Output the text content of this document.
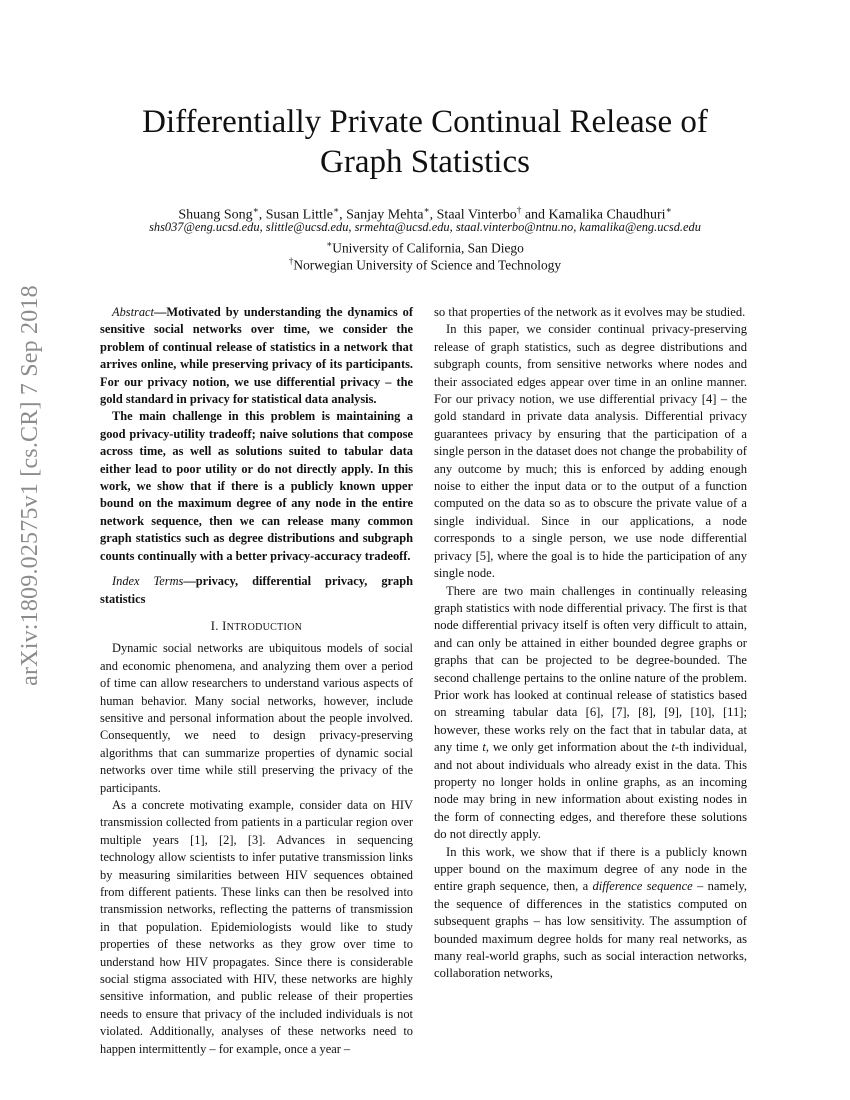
arXiv:1809.02575v1 [cs.CR] 7 Sep 2018
Differentially Private Continual Release of
Graph Statistics
Shuang Song∗, Susan Little∗, Sanjay Mehta∗, Staal Vinterbo† and Kamalika Chaudhuri∗
shs037@eng.ucsd.edu, slittle@ucsd.edu, srmehta@ucsd.edu, staal.vinterbo@ntnu.no, kamalika@eng.ucsd.edu
∗University of California, San Diego
†Norwegian University of Science and Technology

Abstract—Motivated by understanding the dynamics of sensitive social networks over time, we consider the problem of continual release of statistics in a network that arrives online, while preserving privacy of its participants. For our privacy notion, we use differential privacy – the gold standard in privacy for statistical data analysis.

The main challenge in this problem is maintaining a good privacy-utility tradeoff; naive solutions that compose across time, as well as solutions suited to tabular data either lead to poor utility or do not directly apply. In this work, we show that if there is a publicly known upper bound on the maximum degree of any node in the entire network sequence, then we can release many common graph statistics such as degree distributions and subgraph counts continually with a better privacy-accuracy tradeoff.

Index Terms—privacy, differential privacy, graph statistics

I. INTRODUCTION

Dynamic social networks are ubiquitous models of social and economic phenomena, and analyzing them over a period of time can allow researchers to understand various aspects of human behavior. Many social networks, however, include sensitive and personal information about the people involved. Consequently, we need to design privacy-preserving algorithms that can summarize properties of dynamic social networks over time while still preserving the privacy of the participants.

As a concrete motivating example, consider data on HIV transmission collected from patients in a particular region over multiple years [1], [2], [3]. Advances in sequencing technology allow scientists to infer putative transmission links by measuring similarities between HIV sequences obtained from different patients. These links can then be resolved into transmission networks, reflecting the patterns of transmission in that population. Epidemiologists would like to study properties of these networks as they grow over time to understand how HIV propagates. Since there is considerable social stigma associated with HIV, these networks are highly sensitive information, and public release of their properties needs to ensure that privacy of the included individuals is not violated. Additionally, analyses of these networks need to happen intermittently – for example, once a year –

so that properties of the network as it evolves may be studied.

In this paper, we consider continual privacy-preserving release of graph statistics, such as degree distributions and subgraph counts, from sensitive networks where nodes and their associated edges appear over time in an online manner. For our privacy notion, we use differential privacy [4] – the gold standard in private data analysis. Differential privacy guarantees privacy by ensuring that the participation of a single person in the dataset does not change the probability of any outcome by much; this is enforced by adding enough noise to either the input data or to the output of a function computed on the data so as to obscure the private value of a single individual. Since in our applications, a node corresponds to a single person, we use node differential privacy [5], where the goal is to hide the participation of any single node.

There are two main challenges in continually releasing graph statistics with node differential privacy. The first is that node differential privacy itself is often very difficult to attain, and can only be attained in either bounded degree graphs or graphs that can be projected to be degree-bounded. The second challenge pertains to the online nature of the problem. Prior work has looked at continual release of statistics based on streaming tabular data [6], [7], [8], [9], [10], [11]; however, these works rely on the fact that in tabular data, at any time t, we only get information about the t-th individual, and not about individuals who already exist in the data. This property no longer holds in online graphs, as an incoming node may bring in new information about existing nodes in the form of connecting edges, and therefore these solutions do not directly apply.

In this work, we show that if there is a publicly known upper bound on the maximum degree of any node in the entire graph sequence, then, a difference sequence – namely, the sequence of differences in the statistics computed on subsequent graphs – has low sensitivity. The assumption of bounded maximum degree holds for many real networks, as many real-world graphs, such as social interaction networks, collaboration networks,
